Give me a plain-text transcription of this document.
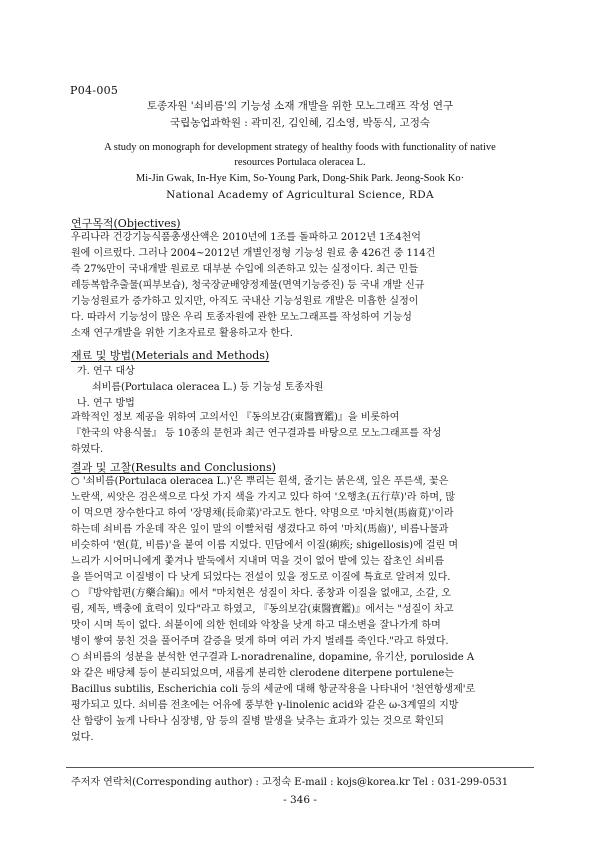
P04-005
토종자원 '쇠비름'의 기능성 소재 개발을 위한 모노그래프 작성 연구
국립농업과학원 : 곽미진, 김인혜, 김소영, 박동식, 고정숙
A study on monograph for development strategy of healthy foods with functionality of native
resources Portulaca oleracea L.
Mi-Jin Gwak, In-Hye Kim, So-Young Park, Dong-Shik Park. Jeong-Sook Ko·
National Academy of Agricultural Science, RDA
연구목적(Objectives)
우리나라 건강기능식품총생산액은 2010년에 1조를 돌파하고 2012년 1조4천억
원에 이르렀다. 그러나 2004~2012년 개별인정형 기능성 원료 총 426건 중 114건
즉 27%만이 국내개발 원료로 대부분 수입에 의존하고 있는 실정이다. 최근 민들
레등복합추출물(피부보습), 청국장균배양정제물(면역기능증진) 등 국내 개발 신규
기능성원료가 증가하고 있지만, 아직도 국내산 기능성원료 개발은 미흡한 실정이
다. 따라서 기능성이 많은 우리 토종자원에 관한 모노그래프를 작성하여 기능성
소재 연구개발을 위한 기초자료로 활용하고자 한다.
재료 및 방법(Meterials and Methods)
가. 연구 대상
쇠비름(Portulaca oleracea L.) 등 기능성 토종자원
나. 연구 방법
과학적인 정보 제공을 위하여 고의서인 『동의보감(東醫寶鑑)』을 비롯하여
『한국의 약용식물』 등 10종의 문헌과 최근 연구결과를 바탕으로 모노그래프를 작성
하였다.
결과 및 고찰(Results and Conclusions)
○ '쇠비름(Portulaca oleracea L.)'은 뿌리는 흰색, 줄기는 붉은색, 잎은 푸른색, 꽃은
노란색, 씨앗은 검은색으로 다섯 가지 색을 가지고 있다 하여 '오행초(五行草)'라 하며, 많
이 먹으면 장수한다고 하여 '장명채(長命菜)'라고도 한다. 약명으로 '마치현(馬齒莧)'이라
하는데 쇠비름 가운데 작은 잎이 말의 이빨처럼 생겼다고 하여 '마치(馬齒)', 비름나물과
비슷하여 '현(莧, 비름)'을 붙여 이름 지었다. 민담에서 이질(痢疾; shigellosis)에 걸린 며
느리가 시어머니에게 쫓겨나 밭둑에서 지내며 먹을 것이 없어 밭에 있는 잡초인 쇠비름
을 뜯어먹고 이질병이 다 낫게 되었다는 전설이 있을 정도로 이질에 특효로 알려져 있다.
○ 『방약합편(方藥合編)』에서 "마치현은 성질이 차다. 종창과 이질을 없애고, 소갈, 오
림, 제독, 백충에 효력이 있다"라고 하였고, 『동의보감(東醫寶鑑)』에서는 "성질이 차고
맛이 시며 독이 없다. 쇠붙이에 의한 헌데와 악창을 낫게 하고 대소변을 잘나가게 하며
병이 쌓여 뭉친 것을 풀어주며 갈증을 멎게 하며 여러 가지 벌레를 죽인다."라고 하였다.
○ 쇠비름의 성분을 분석한 연구결과 L-noradrenaline, dopamine, 유기산, poruloside A
와 같은 배당체 등이 분리되었으며, 새롭게 분리한 clerodene diterpene portulene는
Bacillus subtilis, Escherichia coli 등의 세균에 대해 항균작용을 나타내어 '천연항생제'로
평가되고 있다. 쇠비름 전초에는 어유에 풍부한 γ-linolenic acid와 같은 ω-3계열의 지방
산 함량이 높게 나타나 심장병, 암 등의 질병 발생을 낮추는 효과가 있는 것으로 확인되
었다.
주저자 연락처(Corresponding author) : 고정숙 E-mail : kojs@korea.kr Tel : 031-299-0531
- 346 -
